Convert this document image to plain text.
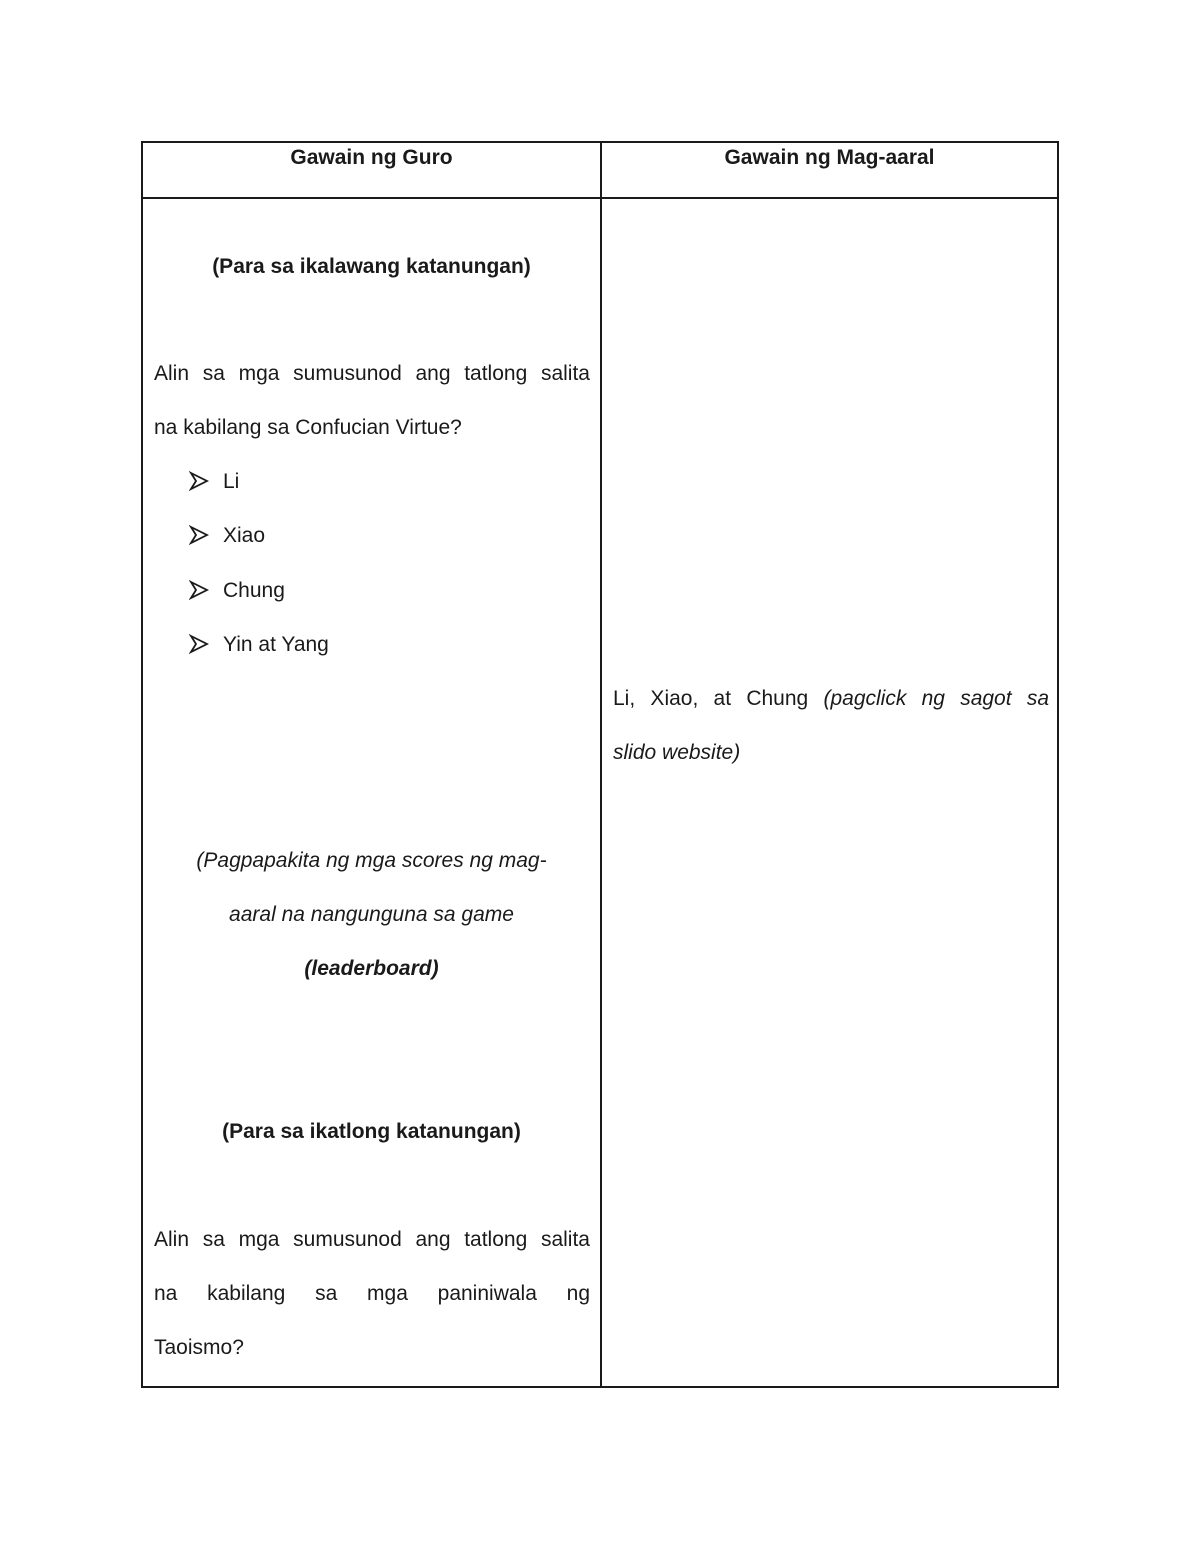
Gawain ng Guro	Gawain ng Mag-aaral
(Para sa ikalawang katanungan)
Alin sa mga sumusunod ang tatlong salita
na kabilang sa Confucian Virtue?
Li
Xiao
Chung
Yin at Yang
(Pagpapakita ng mga scores ng mag-
aaral na nangunguna sa game
(leaderboard)
(Para sa ikatlong katanungan)
Alin sa mga sumusunod ang tatlong salita
na kabilang sa mga paniniwala ng
Taoismo?
Li, Xiao, at Chung (pagclick ng sagot sa
slido website)
